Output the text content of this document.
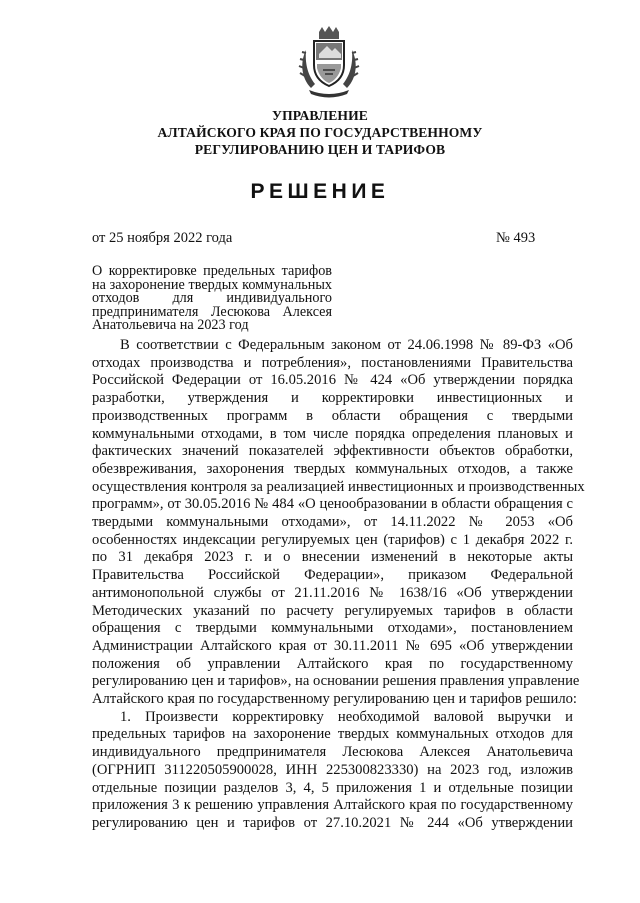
УПРАВЛЕНИЕ
АЛТАЙСКОГО КРАЯ ПО ГОСУДАРСТВЕННОМУ
РЕГУЛИРОВАНИЮ ЦЕН И ТАРИФОВ
РЕШЕНИЕ
от 25 ноября 2022 года	№ 493
О корректировке предельных тарифов
на захоронение твердых коммунальных
отходов для индивидуального
предпринимателя Лесюкова Алексея
Анатольевича на 2023 год
В соответствии с Федеральным законом от 24.06.1998 № 89-ФЗ «Об
отходах производства и потребления», постановлениями Правительства
Российской Федерации от 16.05.2016 № 424 «Об утверждении порядка
разработки, утверждения и корректировки инвестиционных и
производственных программ в области обращения с твердыми
коммунальными отходами, в том числе порядка определения плановых и
фактических значений показателей эффективности объектов обработки,
обезвреживания, захоронения твердых коммунальных отходов, а также
осуществления контроля за реализацией инвестиционных и производственных
программ», от 30.05.2016 № 484 «О ценообразовании в области обращения с
твердыми коммунальными отходами», от 14.11.2022 № 2053 «Об
особенностях индексации регулируемых цен (тарифов) с 1 декабря 2022 г.
по 31 декабря 2023 г. и о внесении изменений в некоторые акты
Правительства Российской Федерации», приказом Федеральной
антимонопольной службы от 21.11.2016 № 1638/16 «Об утверждении
Методических указаний по расчету регулируемых тарифов в области
обращения с твердыми коммунальными отходами», постановлением
Администрации Алтайского края от 30.11.2011 № 695 «Об утверждении
положения об управлении Алтайского края по государственному
регулированию цен и тарифов», на основании решения правления управление
Алтайского края по государственному регулированию цен и тарифов решило:
1. Произвести корректировку необходимой валовой выручки и
предельных тарифов на захоронение твердых коммунальных отходов для
индивидуального предпринимателя Лесюкова Алексея Анатольевича
(ОГРНИП 311220505900028, ИНН 225300823330) на 2023 год, изложив
отдельные позиции разделов 3, 4, 5 приложения 1 и отдельные позиции
приложения 3 к решению управления Алтайского края по государственному
регулированию цен и тарифов от 27.10.2021 № 244 «Об утверждении
